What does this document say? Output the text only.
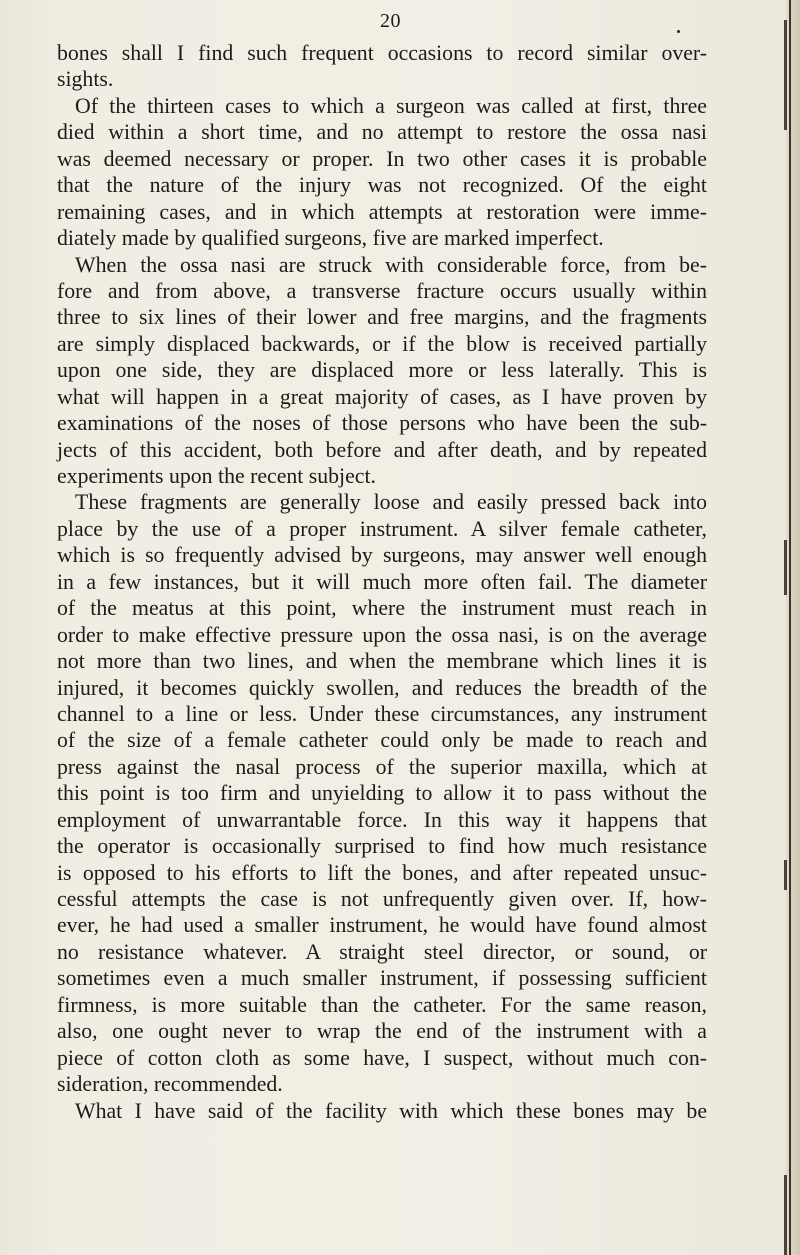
20
bones shall I find such frequent occasions to record similar over-
sights.
Of the thirteen cases to which a surgeon was called at first, three
died within a short time, and no attempt to restore the ossa nasi
was deemed necessary or proper. In two other cases it is probable
that the nature of the injury was not recognized. Of the eight
remaining cases, and in which attempts at restoration were imme-
diately made by qualified surgeons, five are marked imperfect.
When the ossa nasi are struck with considerable force, from be-
fore and from above, a transverse fracture occurs usually within
three to six lines of their lower and free margins, and the fragments
are simply displaced backwards, or if the blow is received partially
upon one side, they are displaced more or less laterally. This is
what will happen in a great majority of cases, as I have proven by
examinations of the noses of those persons who have been the sub-
jects of this accident, both before and after death, and by repeated
experiments upon the recent subject.
These fragments are generally loose and easily pressed back into
place by the use of a proper instrument. A silver female catheter,
which is so frequently advised by surgeons, may answer well enough
in a few instances, but it will much more often fail. The diameter
of the meatus at this point, where the instrument must reach in
order to make effective pressure upon the ossa nasi, is on the average
not more than two lines, and when the membrane which lines it is
injured, it becomes quickly swollen, and reduces the breadth of the
channel to a line or less. Under these circumstances, any instrument
of the size of a female catheter could only be made to reach and
press against the nasal process of the superior maxilla, which at
this point is too firm and unyielding to allow it to pass without the
employment of unwarrantable force. In this way it happens that
the operator is occasionally surprised to find how much resistance
is opposed to his efforts to lift the bones, and after repeated unsuc-
cessful attempts the case is not unfrequently given over. If, how-
ever, he had used a smaller instrument, he would have found almost
no resistance whatever. A straight steel director, or sound, or
sometimes even a much smaller instrument, if possessing sufficient
firmness, is more suitable than the catheter. For the same reason,
also, one ought never to wrap the end of the instrument with a
piece of cotton cloth as some have, I suspect, without much con-
sideration, recommended.
What I have said of the facility with which these bones may be
